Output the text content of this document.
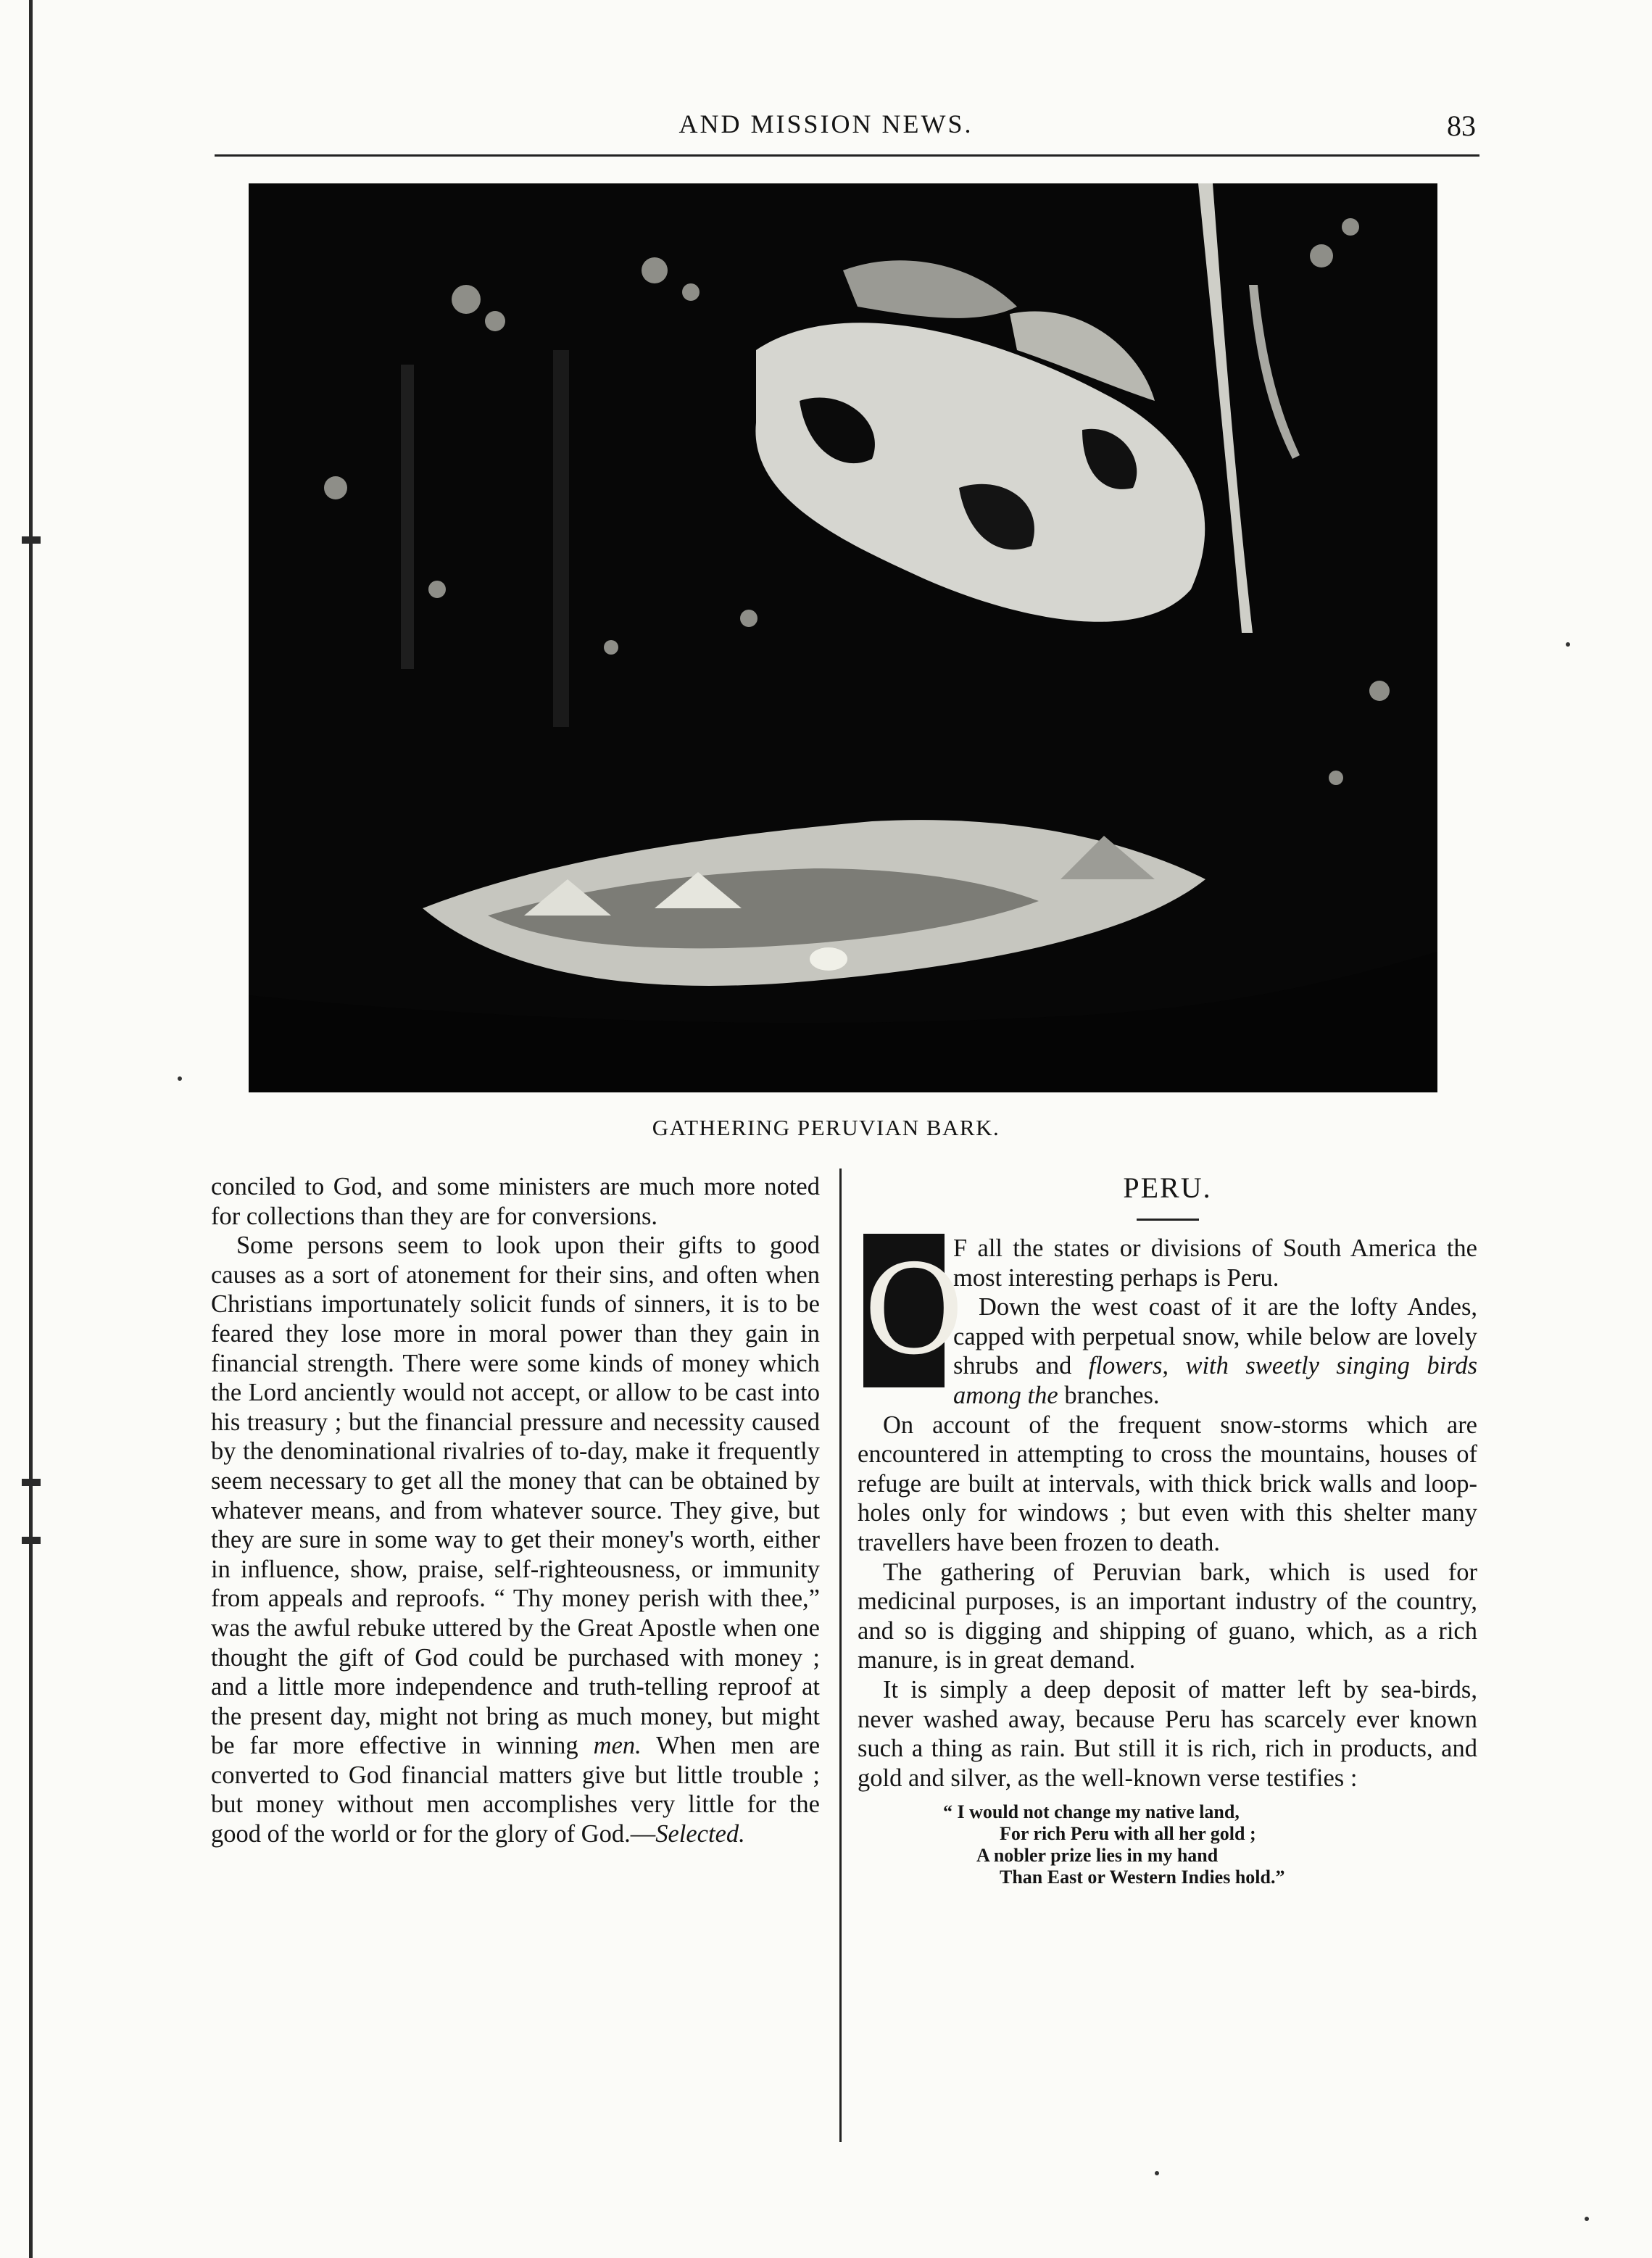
AND MISSION NEWS.	83
GATHERING PERUVIAN BARK.

conciled to God, and some ministers are much more noted for collections than they are for conversions.

Some persons seem to look upon their gifts to good causes as a sort of atonement for their sins, and often when Christians importunately solicit funds of sinners, it is to be feared they lose more in moral power than they gain in financial strength. There were some kinds of money which the Lord anciently would not accept, or allow to be cast into his treasury ; but the financial pressure and necessity caused by the denominational rivalries of to-day, make it frequently seem necessary to get all the money that can be obtained by whatever means, and from whatever source. They give, but they are sure in some way to get their money's worth, either in influence, show, praise, self-righteousness, or immunity from appeals and reproofs. “ Thy money perish with thee,” was the awful rebuke uttered by the Great Apostle when one thought the gift of God could be purchased with money ; and a little more independence and truth-telling reproof at the present day, might not bring as much money, but might be far more effective in winning men. When men are converted to God financial matters give but little trouble ; but money without men accomplishes very little for the good of the world or for the glory of God.—Selected.

PERU.
O

F all the states or divisions of South America the most interesting perhaps is Peru.

Down the west coast of it are the lofty Andes, capped with perpetual snow, while below are lovely shrubs and flowers, with sweetly singing birds among the branches.

On account of the frequent snow-storms which are encountered in attempting to cross the mountains, houses of refuge are built at intervals, with thick brick walls and loop-holes only for windows ; but even with this shelter many travellers have been frozen to death.

The gathering of Peruvian bark, which is used for medicinal purposes, is an important industry of the country, and so is digging and shipping of guano, which, as a rich manure, is in great demand.

It is simply a deep deposit of matter left by sea-birds, never washed away, because Peru has scarcely ever known such a thing as rain. But still it is rich, rich in products, and gold and silver, as the well-known verse testifies :

“ I would not change my native land,
For rich Peru with all her gold ;
A nobler prize lies in my hand
Than East or Western Indies hold.”
